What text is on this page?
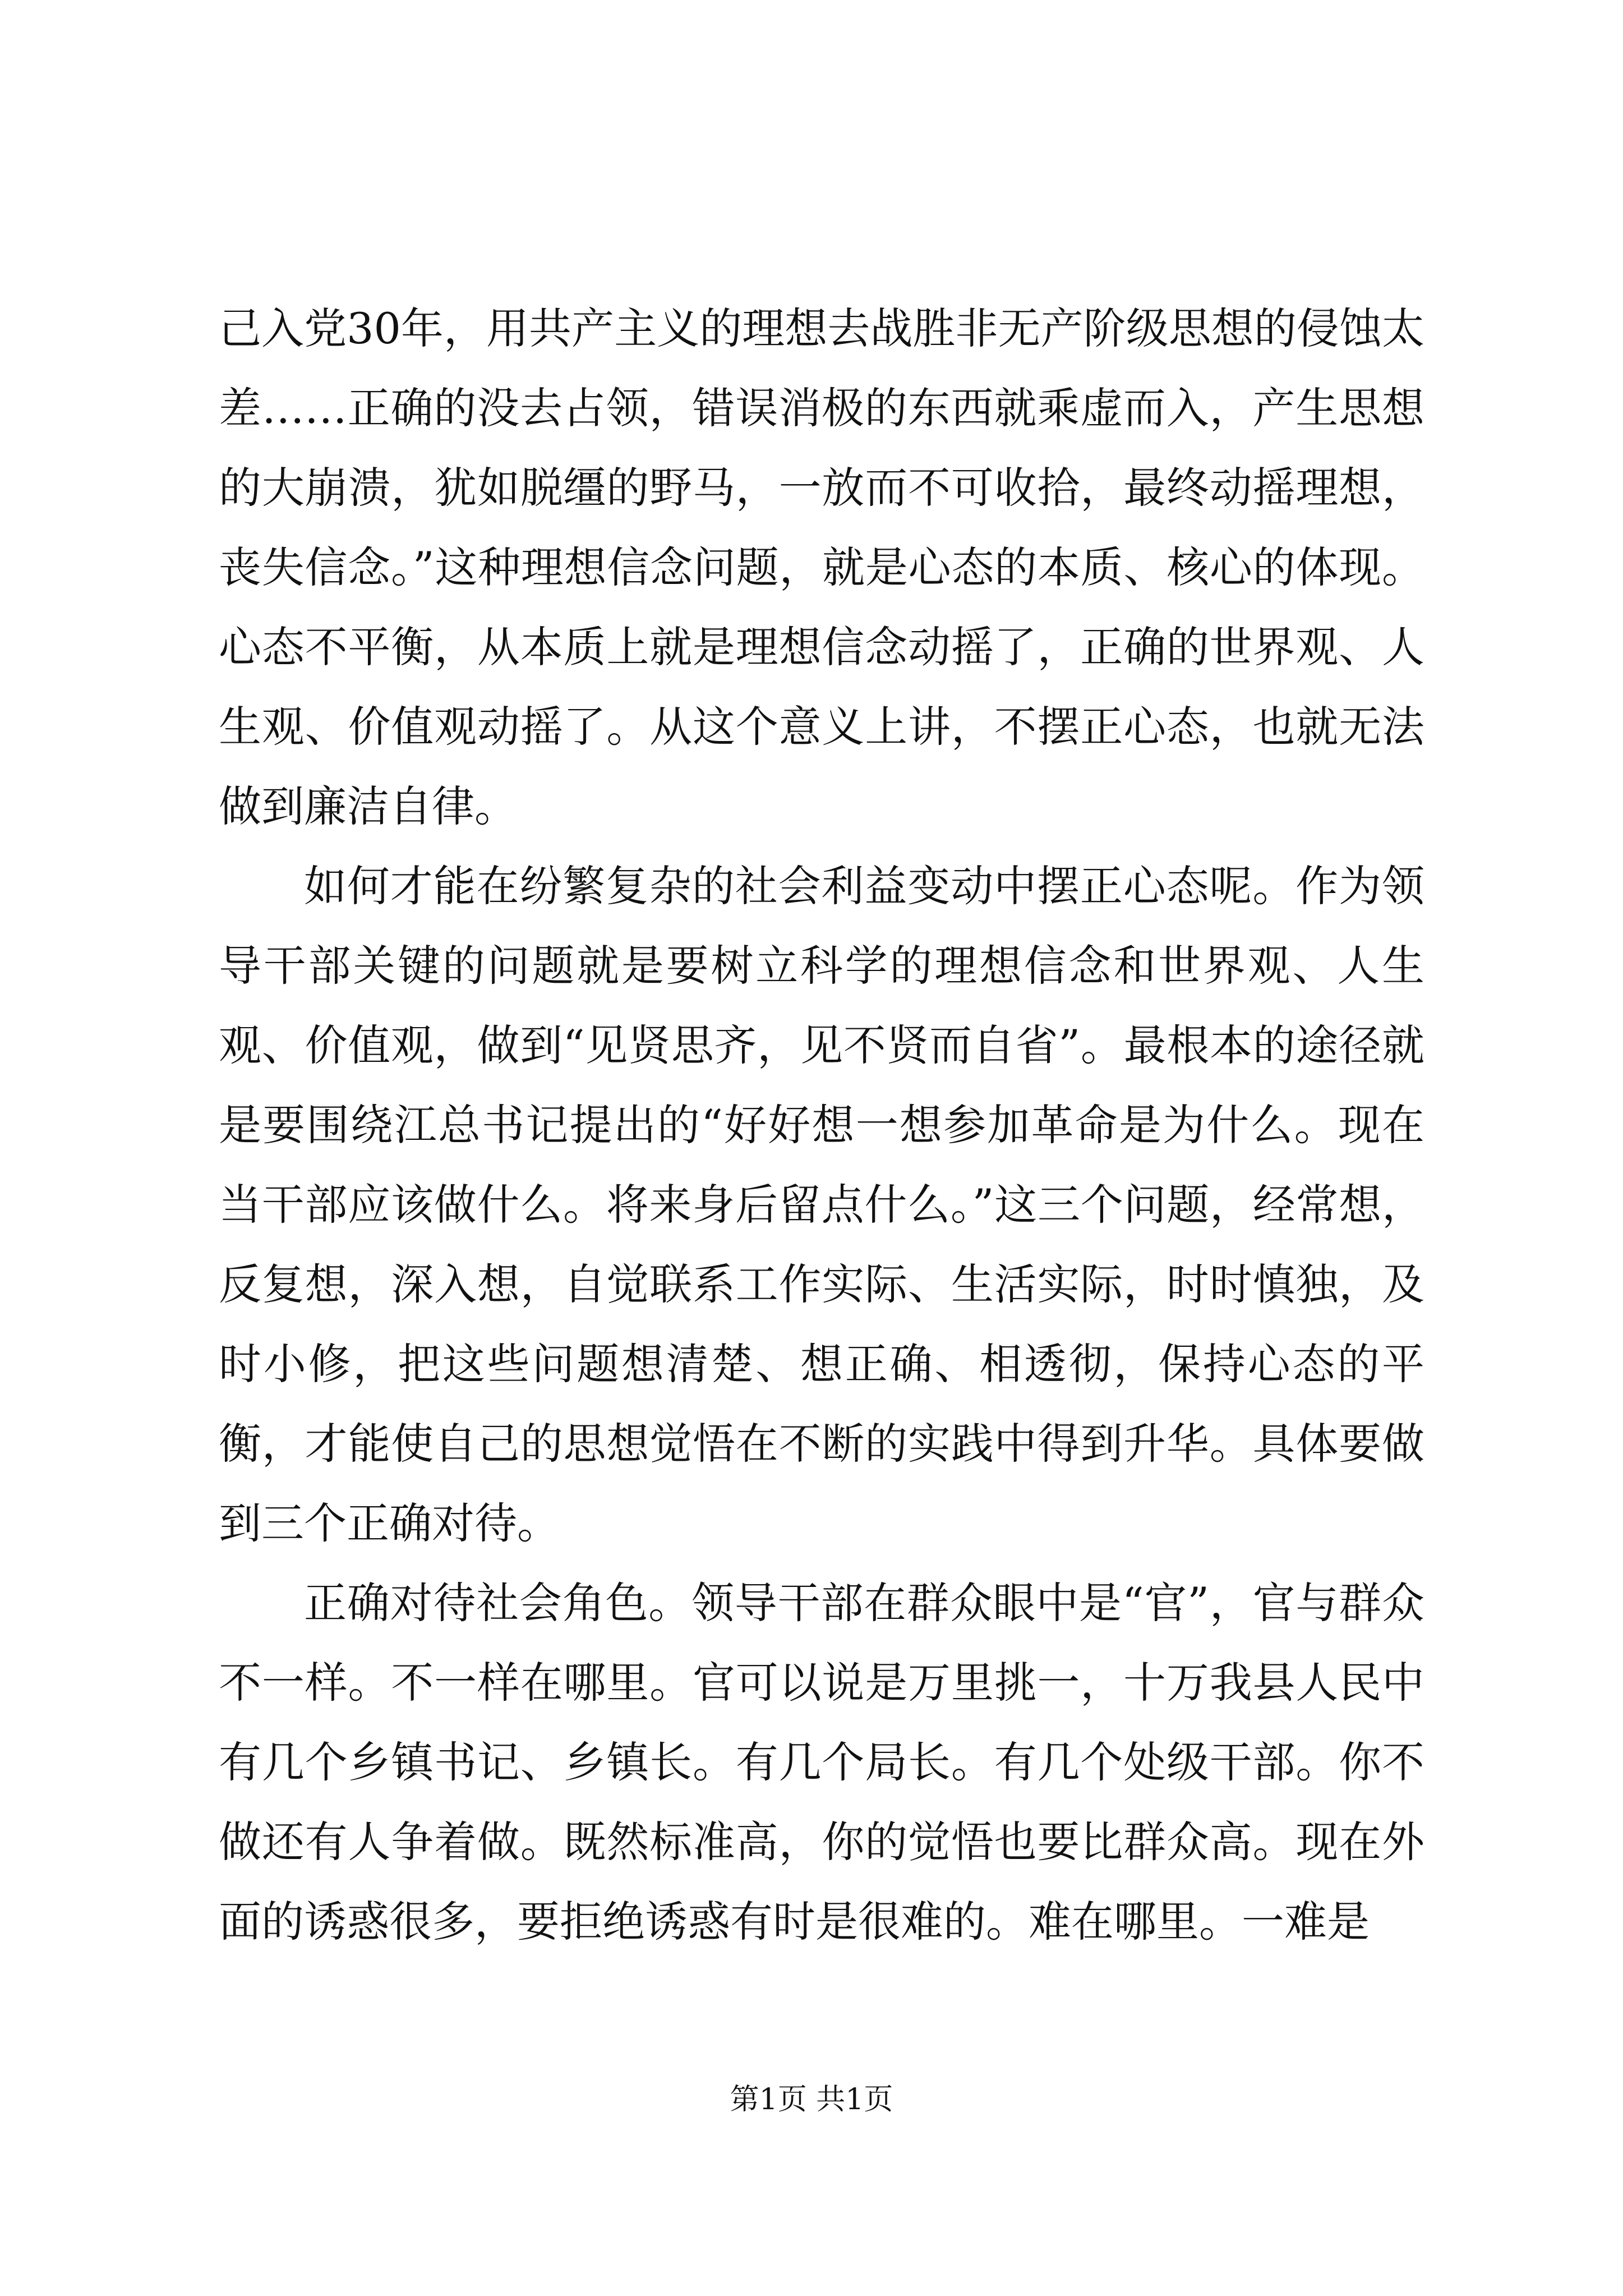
己入党30年，用共产主义的理想去战胜非无产阶级思想的侵蚀太差……正确的没去占领，错误消极的东西就乘虚而入，产生思想的大崩溃，犹如脱缰的野马，一放而不可收拾，最终动摇理想，丧失信念。”这种理想信念问题，就是心态的本质、核心的体现。心态不平衡，从本质上就是理想信念动摇了，正确的世界观、人生观、价值观动摇了。从这个意义上讲，不摆正心态，也就无法做到廉洁自律。

如何才能在纷繁复杂的社会利益变动中摆正心态呢。作为领导干部关键的问题就是要树立科学的理想信念和世界观、人生观、价值观，做到“见贤思齐，见不贤而自省”。最根本的途径就是要围绕江总书记提出的“好好想一想参加革命是为什么。现在当干部应该做什么。将来身后留点什么。”这三个问题，经常想，反复想，深入想，自觉联系工作实际、生活实际，时时慎独，及时小修，把这些问题想清楚、想正确、相透彻，保持心态的平衡，才能使自己的思想觉悟在不断的实践中得到升华。具体要做到三个正确对待。

正确对待社会角色。领导干部在群众眼中是“官”，官与群众不一样。不一样在哪里。官可以说是万里挑一，十万我县人民中有几个乡镇书记、乡镇长。有几个局长。有几个处级干部。你不做还有人争着做。既然标准高，你的觉悟也要比群众高。现在外面的诱惑很多，要拒绝诱惑有时是很难的。难在哪里。一难是

第1页 共1页
